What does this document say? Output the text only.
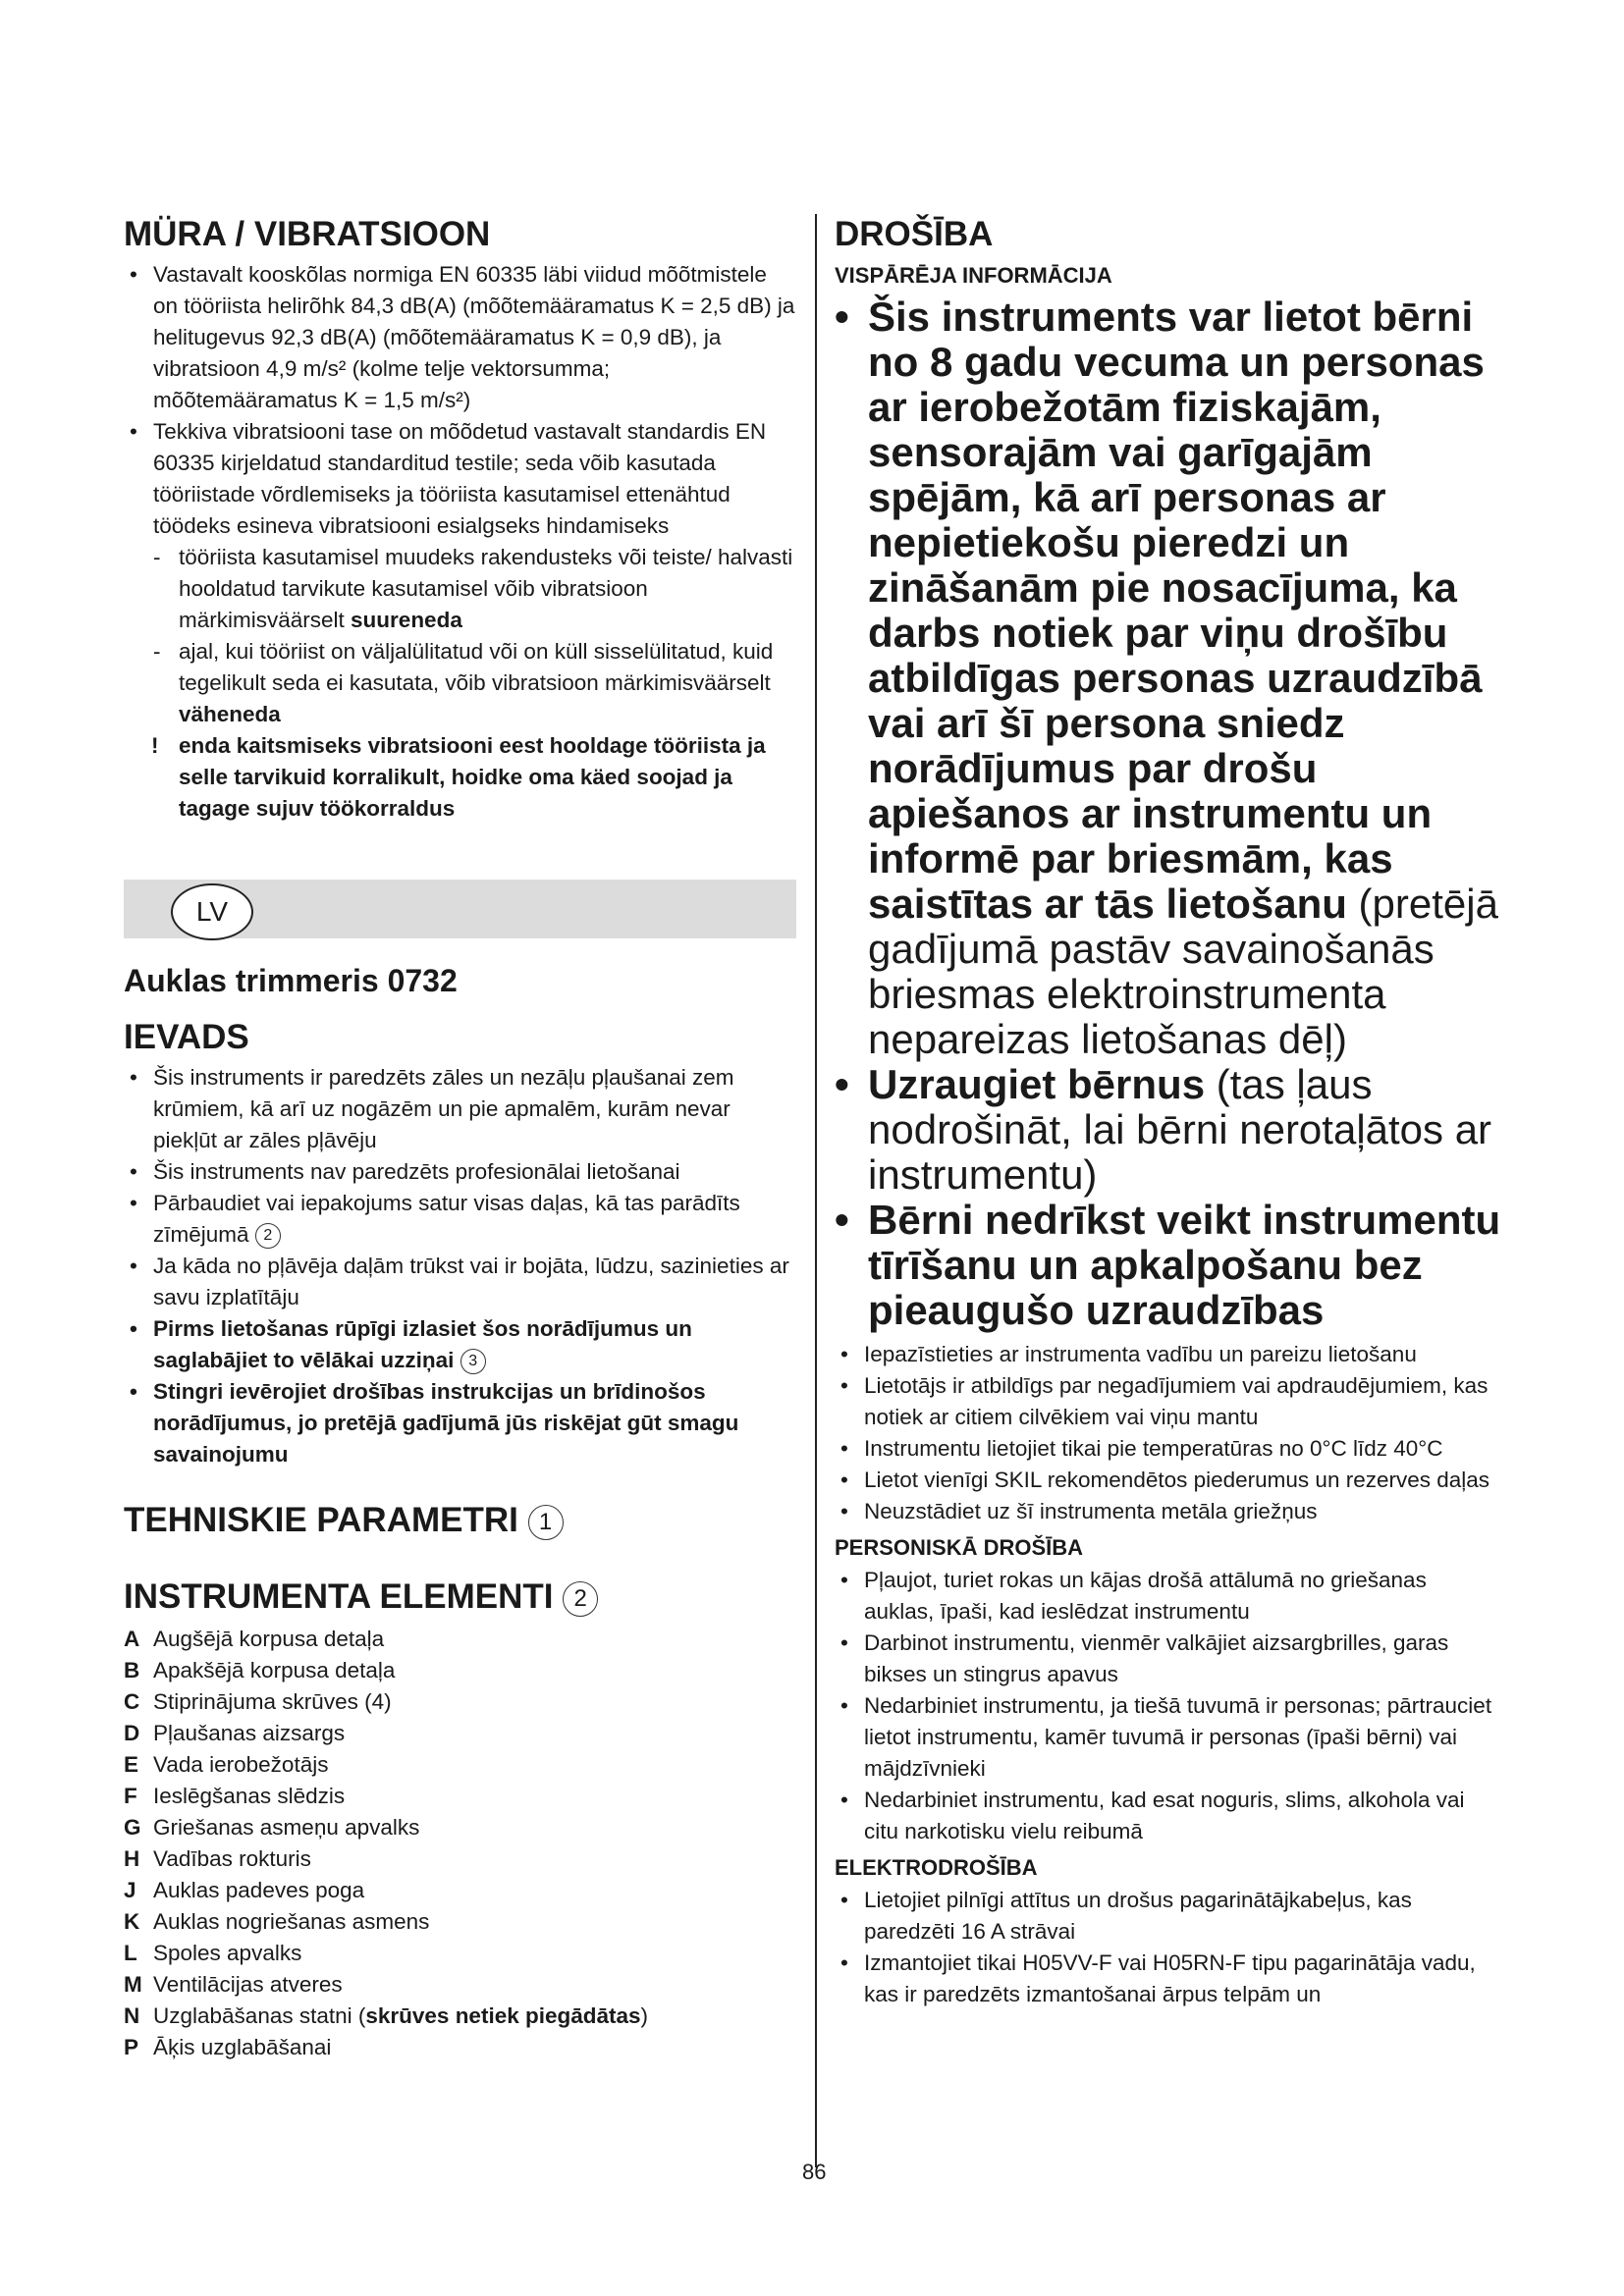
MÜRA / VIBRATSIOON
• Vastavalt kooskõlas normiga EN 60335 läbi viidud mõõtmistele on tööriista helirõhk 84,3 dB(A) (mõõtemääramatus K = 2,5 dB) ja helitugevus 92,3 dB(A) (mõõtemääramatus K = 0,9 dB), ja vibratsioon 4,9 m/s² (kolme telje vektorsumma; mõõtemääramatus K = 1,5 m/s²)
• Tekkiva vibratsiooni tase on mõõdetud vastavalt standardis EN 60335 kirjeldatud standarditud testile; seda võib kasutada tööriistade võrdlemiseks ja tööriista kasutamisel ettenähtud töödeks esineva vibratsiooni esialgseks hindamiseks
- tööriista kasutamisel muudeks rakendusteks või teiste/ halvasti hooldatud tarvikute kasutamisel võib vibratsioon märkimisväärselt suureneda
- ajal, kui tööriist on väljalülitatud või on küll sisselülitatud, kuid tegelikult seda ei kasutata, võib vibratsioon märkimisväärselt väheneda
! enda kaitsmiseks vibratsiooni eest hooldage tööriista ja selle tarvikuid korralikult, hoidke oma käed soojad ja tagage sujuv töökorraldus
LV
Auklas trimmeris 0732
IEVADS
• Šis instruments ir paredzēts zāles un nezāļu pļaušanai zem krūmiem, kā arī uz nogāzēm un pie apmalēm, kurām nevar piekļūt ar zāles pļāvēju
• Šis instruments nav paredzēts profesionālai lietošanai
• Pārbaudiet vai iepakojums satur visas daļas, kā tas parādīts zīmējumā 2
• Ja kāda no pļāvēja daļām trūkst vai ir bojāta, lūdzu, sazinieties ar savu izplatītāju
• Pirms lietošanas rūpīgi izlasiet šos norādījumus un saglabājiet to vēlākai uzziņai 3
• Stingri ievērojiet drošības instrukcijas un brīdinošos norādījumus, jo pretējā gadījumā jūs riskējat gūt smagu savainojumu
TEHNISKIE PARAMETRI 1
INSTRUMENTA ELEMENTI 2
A Augšējā korpusa detaļa
B Apakšējā korpusa detaļa
C Stiprinājuma skrūves (4)
D Pļaušanas aizsargs
E Vada ierobežotājs
F Ieslēgšanas slēdzis
G Griešanas asmeņu apvalks
H Vadības rokturis
J Auklas padeves poga
K Auklas nogriešanas asmens
L Spoles apvalks
M Ventilācijas atveres
N Uzglabāšanas statni (skrūves netiek piegādātas)
P Āķis uzglabāšanai
DROŠĪBA
VISPĀRĒJA INFORMĀCIJA
• Šis instruments var lietot bērni no 8 gadu vecuma un personas ar ierobežotām fiziskajām, sensorajām vai garīgajām spējām, kā arī personas ar nepietiekošu pieredzi un zināšanām pie nosacījuma, ka darbs notiek par viņu drošību atbildīgas personas uzraudzībā vai arī šī persona sniedz norādījumus par drošu apiešanos ar instrumentu un informē par briesmām, kas saistītas ar tās lietošanu (pretējā gadījumā pastāv savainošanās briesmas elektroinstrumenta nepareizas lietošanas dēļ)
• Uzraugiet bērnus (tas ļaus nodrošināt, lai bērni nerotaļātos ar instrumentu)
• Bērni nedrīkst veikt instrumentu tīrīšanu un apkalpošanu bez pieaugušo uzraudzības
• Iepazīstieties ar instrumenta vadību un pareizu lietošanu
• Lietotājs ir atbildīgs par negadījumiem vai apdraudējumiem, kas notiek ar citiem cilvēkiem vai viņu mantu
• Instrumentu lietojiet tikai pie temperatūras no 0°C līdz 40°C
• Lietot vienīgi SKIL rekomendētos piederumus un rezerves daļas
• Neuzstādiet uz šī instrumenta metāla griežņus
PERSONISKĀ DROŠĪBA
• Pļaujot, turiet rokas un kājas drošā attālumā no griešanas auklas, īpaši, kad ieslēdzat instrumentu
• Darbinot instrumentu, vienmēr valkājiet aizsargbrilles, garas bikses un stingrus apavus
• Nedarbiniet instrumentu, ja tiešā tuvumā ir personas; pārtrauciet lietot instrumentu, kamēr tuvumā ir personas (īpaši bērni) vai mājdzīvnieki
• Nedarbiniet instrumentu, kad esat noguris, slims, alkohola vai citu narkotisku vielu reibumā
ELEKTRODROŠĪBA
• Lietojiet pilnīgi attītus un drošus pagarinātājkabeļus, kas paredzēti 16 A strāvai
• Izmantojiet tikai H05VV-F vai H05RN-F tipu pagarinātāja vadu, kas ir paredzēts izmantošanai ārpus telpām un
86
